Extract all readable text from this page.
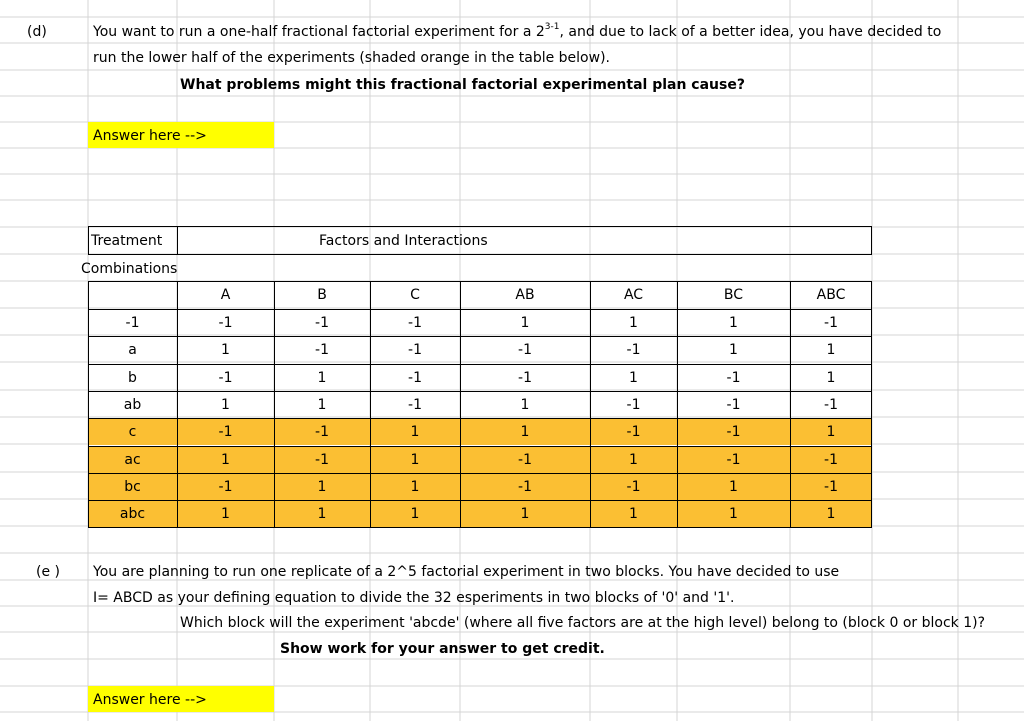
(d)	You want to run a one-half fractional factorial experiment for a 2$^{3-1}$, and due to lack of a better idea, you have decided to
run the lower half of the experiments (shaded orange in the table below).
What problems might this fractional factorial experimental plan cause?
Answer here -->
Treatment
Combinations
Factors and Interactions
A	B	C	AB	AC	BC	ABC
-1	-1	-1	-1	1	1	1	-1
a	1	-1	-1	-1	-1	1	1
b	-1	1	-1	-1	1	-1	1
ab	1	1	-1	1	-1	-1	-1
c	-1	-1	1	1	-1	-1	1
ac	1	-1	1	-1	1	-1	-1
bc	-1	1	1	-1	-1	1	-1
abc	1	1	1	1	1	1	1
(e ) You are planning to run one replicate of a 2^5 factorial experiment in two blocks. You have decided to use
I= ABCD as your defining equation to divide the 32 esperiments in two blocks of '0' and '1'.
Which block will the experiment 'abcde' (where all five factors are at the high level) belong to (block 0 or block 1)?
Show work for your answer to get credit.
Answer here -->
